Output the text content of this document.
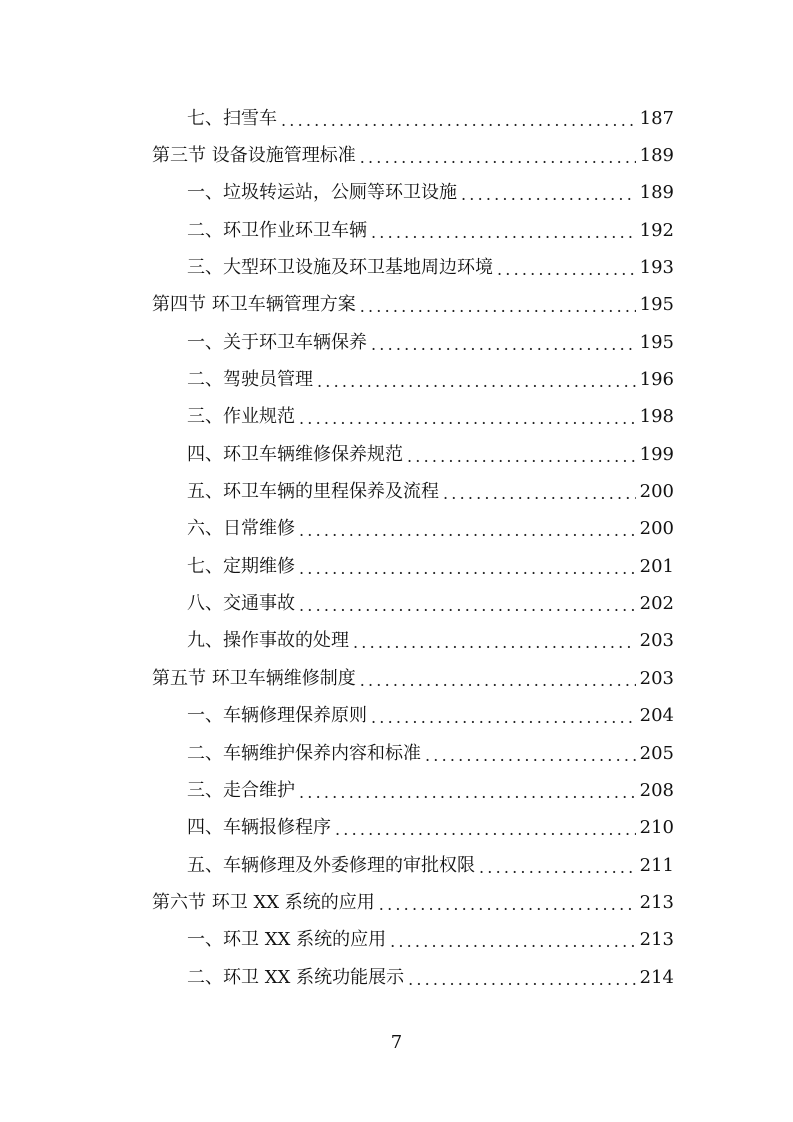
七、扫雪车 .....	187
第三节 设备设施管理标准 .....	189
一、垃圾转运站，公厕等环卫设施 .....	189
二、环卫作业环卫车辆 .....	192
三、大型环卫设施及环卫基地周边环境 .....	193
第四节 环卫车辆管理方案 .....	195
一、关于环卫车辆保养 .....	195
二、驾驶员管理 .....	196
三、作业规范 .....	198
四、环卫车辆维修保养规范 .....	199
五、环卫车辆的里程保养及流程 .....	200
六、日常维修 .....	200
七、定期维修 .....	201
八、交通事故 .....	202
九、操作事故的处理 .....	203
第五节 环卫车辆维修制度 .....	203
一、车辆修理保养原则 .....	204
二、车辆维护保养内容和标准 .....	205
三、走合维护 .....	208
四、车辆报修程序 .....	210
五、车辆修理及外委修理的审批权限 .....	211
第六节 环卫 XX 系统的应用 .....	213
一、环卫 XX 系统的应用 .....	213
二、环卫 XX 系统功能展示 .....	214
7
